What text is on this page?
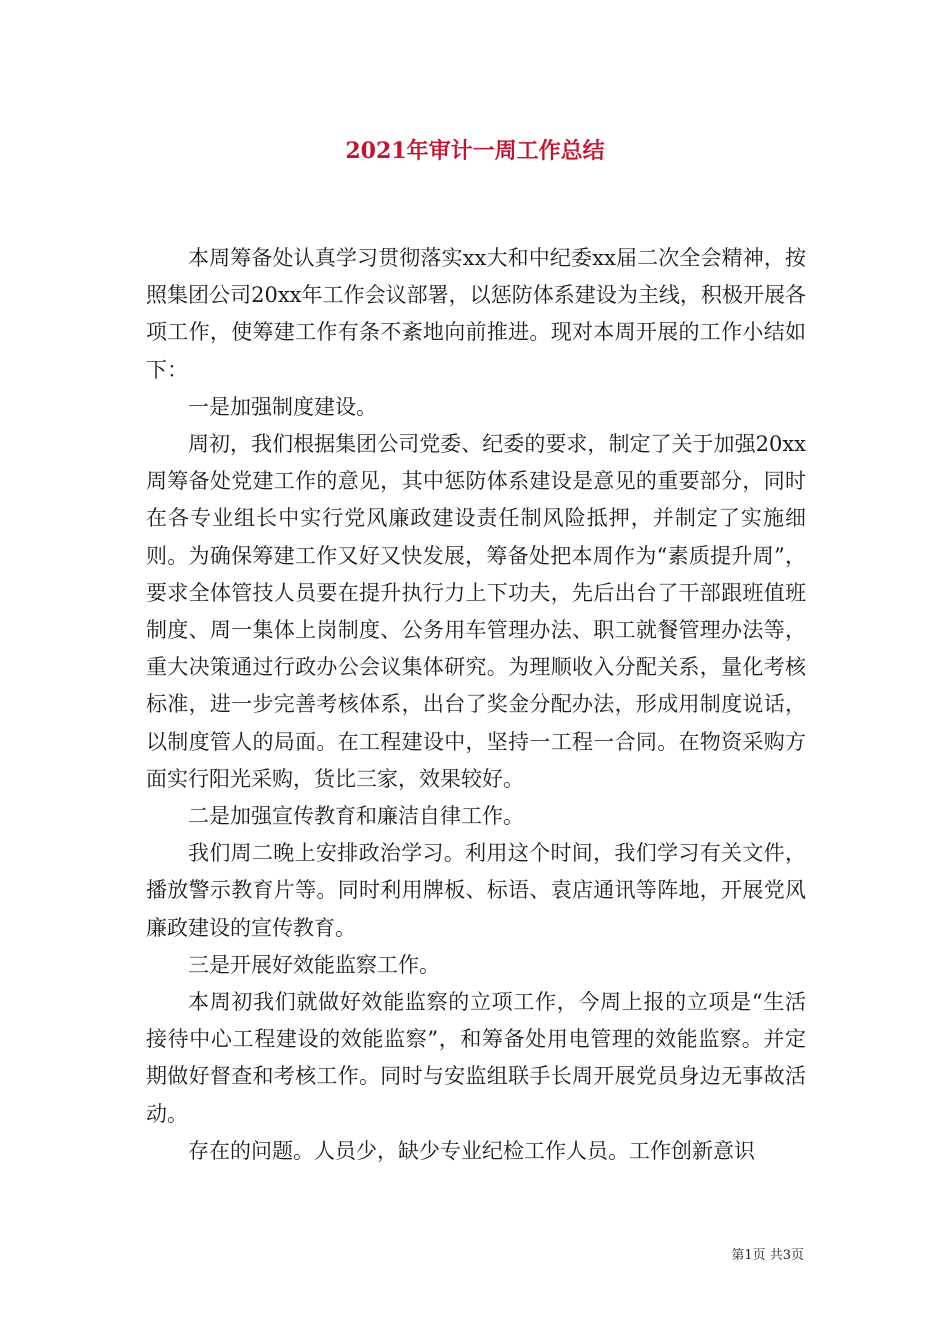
2021年审计一周工作总结

本周筹备处认真学习贯彻落实xx大和中纪委xx届二次全会精神，按照集团公司20xx年工作会议部署，以惩防体系建设为主线，积极开展各项工作，使筹建工作有条不紊地向前推进。现对本周开展的工作小结如下：

一是加强制度建设。

周初，我们根据集团公司党委、纪委的要求，制定了关于加强20xx周筹备处党建工作的意见，其中惩防体系建设是意见的重要部分，同时在各专业组长中实行党风廉政建设责任制风险抵押，并制定了实施细则。为确保筹建工作又好又快发展，筹备处把本周作为“素质提升周”，要求全体管技人员要在提升执行力上下功夫，先后出台了干部跟班值班制度、周一集体上岗制度、公务用车管理办法、职工就餐管理办法等，重大决策通过行政办公会议集体研究。为理顺收入分配关系，量化考核标准，进一步完善考核体系，出台了奖金分配办法，形成用制度说话，以制度管人的局面。在工程建设中，坚持一工程一合同。在物资采购方面实行阳光采购，货比三家，效果较好。

二是加强宣传教育和廉洁自律工作。

我们周二晚上安排政治学习。利用这个时间，我们学习有关文件，播放警示教育片等。同时利用牌板、标语、袁店通讯等阵地，开展党风廉政建设的宣传教育。

三是开展好效能监察工作。

本周初我们就做好效能监察的立项工作，今周上报的立项是“生活接待中心工程建设的效能监察”，和筹备处用电管理的效能监察。并定期做好督查和考核工作。同时与安监组联手长周开展党员身边无事故活动。

存在的问题。人员少，缺少专业纪检工作人员。工作创新意识

第1页 共3页
